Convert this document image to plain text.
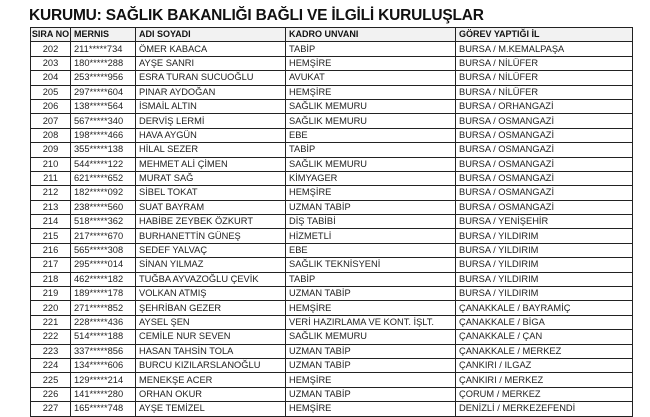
KURUMU: SAĞLIK BAKANLIĞI BAĞLI VE İLGİLİ KURULUŞLAR
SIRA NO	MERNIS	ADI SOYADI	KADRO UNVANI	GÖREV YAPTIĞI İL
202	211*****734	ÖMER KABACA	TABİP	BURSA / M.KEMALPAŞA
203	180*****288	AYŞE SANRI	HEMŞİRE	BURSA / NİLÜFER
204	253*****956	ESRA TURAN SUCUOĞLU	AVUKAT	BURSA / NİLÜFER
205	297*****604	PINAR AYDOĞAN	HEMŞİRE	BURSA / NİLÜFER
206	138*****564	İSMAİL ALTIN	SAĞLIK MEMURU	BURSA / ORHANGAZİ
207	567*****340	DERVİŞ LERMİ	SAĞLIK MEMURU	BURSA / OSMANGAZİ
208	198*****466	HAVA AYGÜN	EBE	BURSA / OSMANGAZİ
209	355*****138	HİLAL SEZER	TABİP	BURSA / OSMANGAZİ
210	544*****122	MEHMET ALİ ÇİMEN	SAĞLIK MEMURU	BURSA / OSMANGAZİ
211	621*****652	MURAT SAĞ	KİMYAGER	BURSA / OSMANGAZİ
212	182*****092	SİBEL TOKAT	HEMŞİRE	BURSA / OSMANGAZİ
213	238*****560	SUAT BAYRAM	UZMAN TABİP	BURSA / OSMANGAZİ
214	518*****362	HABİBE ZEYBEK ÖZKURT	DİŞ TABİBİ	BURSA / YENİŞEHİR
215	217*****670	BURHANETTİN GÜNEŞ	HİZMETLİ	BURSA / YILDIRIM
216	565*****308	SEDEF YALVAÇ	EBE	BURSA / YILDIRIM
217	295*****014	SİNAN YILMAZ	SAĞLIK TEKNİSYENİ	BURSA / YILDIRIM
218	462*****182	TUĞBA AYVAZOĞLU ÇEVİK	TABİP	BURSA / YILDIRIM
219	189*****178	VOLKAN ATMIŞ	UZMAN TABİP	BURSA / YILDIRIM
220	271*****852	ŞEHRİBAN GEZER	HEMŞİRE	ÇANAKKALE / BAYRAMİÇ
221	228*****436	AYSEL ŞEN	VERİ HAZIRLAMA VE KONT. İŞLT.	ÇANAKKALE / BİGA
222	514*****188	CEMİLE NUR SEVEN	SAĞLIK MEMURU	ÇANAKKALE / ÇAN
223	337*****856	HASAN TAHSİN TOLA	UZMAN TABİP	ÇANAKKALE / MERKEZ
224	134*****606	BURCU KIZILARSLANOĞLU	UZMAN TABİP	ÇANKIRI / ILGAZ
225	129*****214	MENEKŞE ACER	HEMŞİRE	ÇANKIRI / MERKEZ
226	141*****280	ORHAN OKUR	UZMAN TABİP	ÇORUM / MERKEZ
227	165*****748	AYŞE TEMİZEL	HEMŞİRE	DENİZLİ / MERKEZEFENDİ
